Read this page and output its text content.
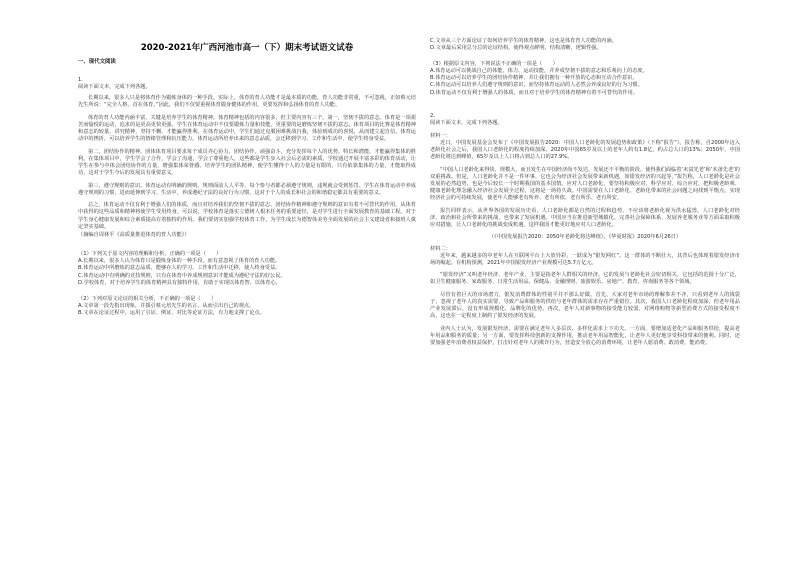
2020-2021年广西河池市高一（下）期末考试语文试卷
一、现代文阅读

1.

阅读下面文本，完成下列各题。

长期以来，很多人只是将体育作为锻炼身体的一种手段。实际上，体育的育人功能才是最本质的功能，育人功能非常重，不可忽视，正如蔡元培先生所说：“完全人格，首在体育。”因此，我们不仅要重视体育锻身健体的作用，更要发挥和弘扬体育的育人功能。

体育的育人功能内涵丰富，关键是培养学生的体育精神。体育精神包括的内容很多，但主要内容有三个。第一，坚韧不拔的意志。体育是一项艰苦而愉悦的运动，追求的是更高更快更强。学生在体育运动中不仅要锻炼力量和技能，更重要的是磨炼坚韧不拔的意志。体育项目的比赛是体育精神和意志的较量，讲究精神，坚持不懈，才能赢得胜利。在体育运动中，学生们通过克服困难挑战自我，体验到成功的喜悦，从而建立起自信。体育运动中的挫折，可以培养学生的情绪管理和抗压能力。体育运动所培养出来的意志品质，会迁移到学习、工作和生活中，使学生终身受益。

第二，团结协作的精神。团体体育项目要求每个成员齐心协力，团结协作，顽强奋斗，充分发挥每个人的优势。特长和潜能，才能赢得集体的胜利。在集体项目中，学生学会了合作，学会了沟通，学会了尊重他人，这些都是学生步入社会后必需的素质。学校通过开展丰富多彩的体育活动，让学生在参与中体会团结协作的力量，增强集体荣誉感。培养学生的团队精神，使学生懂得个人的力量是有限的，只有依靠集体的力量，才能取得成功，这对于学生今后的发展具有重要意义。

第三，遵守规则的意识。体育运动有明确的规则。规则面前人人平等，每个参与者都必须遵守规则，违规就会受到惩罚。学生在体育运动中养成遵守规则的习惯，进而延伸到学习、生活中，养成遵纪守法的良好行为习惯，这对于个人的成长和社会的和谐稳定都具有重要的意义。

总之，体育运动不仅有利于增强人们的体质，而且对培养我们的坚韧不拔的意志、团结协作精神和遵守规则的意识有着不可替代的作用。从体育中获得的这些品质和精神将使学生受用终身。可以说，学校体育是落实立德树人根本任务的重要途径，是对学生进行全面发展教育的基础工程。对于学生身心健康发展和综合素质提高有着独特的作用。我们要切实加强学校体育工作，为学生成长为德智体美劳全面发展的社会主义建设者和接班人奠定坚实基础。

（摘编自周林平《高质量推进体育的育人功能》）

（1）下列关于原文内容的理解和分析，正确的一项是（　　）

A.长期以来，很多人认为体育只是锻炼身体的一种手段，而有意忽视了体育的育人功能。

B.体育运动中所磨炼的意志品质，能够在人的学习、工作和生活中迁移，使人终身受益。

C.体育运动中有明确的竞技规则，只有在体育中养成规则意识才能成为遵纪守法的好公民。

D.学校体育，对于培养学生的体育精神具有独特作用，有助于实现以体育智、以体育心。

（2）下列对原文论证的相关分析，不正确的一项是（　　）

A.文章第一段先指出现象，并援引蔡元培先生的名言，从而引出自己的观点。

B.文章在论证过程中，运用了引证、例证、对比等论证方法，有力地支撑了论点。

C.文章从三个方面论证了如何培养学生的体育精神，这也是体育育人功能的内涵。

D.文章最后采用总分总的论证结构，使得观点鲜明，结构清晰，逻辑性强。

（3）根据原文内容，下列说法不正确的一项是（　　）

A.体育运动可以挑战自己的体能、体力、运动技能，并养成坚韧不拔的意志和乐观向上的态度。

B.体育运动可以培养学生的团结协作精神，并让我们拥有一种开放的心态和互动合作意识。

C.体育运动可以培养人们遵守规则的意识，而坚持体育运动的人必然会养成良好的行为习惯。

D.体育运动不仅有利于增强人的体质，而且对于培养学生的体育精神有着不可替代的作用。

2.

阅读下面文本，完成下列各题。

材料一：

近日，中国发展基金会发布了《中国发展报告2020：中国人口老龄化的发展趋势和政策》（下称“报告”）。报告称，自2000年迈入老龄化社会之后，我国人口老龄化的程度持续加深。2020年中国65岁及以上的老年人约有1.8亿，约占总人口的13%；2050年，中国老龄化将达到峰值，65岁及以上人口将占到总人口的27.9%。

“中国人口老龄化来得快、规模大，而且发生在中国经济尚不发达、发展还不平衡的阶段，使得我们面临着‘未富先老’和‘未备先老’的双重挑战。但是，人口老龄化并不是一件坏事，它也会为经济社会发展带来新机遇，如银发经济的兴起等。”报告称，人口老龄化是社会发展的必然趋势，也是今后较长一个时期我国的基本国情。应对人口老龄化，要坚持积极应对、科学应对、综合应对，把积极老龄观、健康老龄化理念融入经济社会发展全过程，这将是一场持久战。中国需要在人口老龄化、老龄化带来的社会问题之间找到平衡点，实现经济社会的可持续发展，使老年人能够老有所养、老有所依、老有所乐、老有所安。

报告同样表示，从世界各国的发展历史看，人口老龄化都是自然的过程和趋势，不应该将老龄化视为洪水猛兽。人口老龄化对经济、政治和社会所带来的挑战，也带来了发展机遇。中国应当在推进新型城镇化、完善社会保障体系、发展养老服务业等方面采取积极应对措施，让人口老龄化的挑战变成机遇，这样我国才能更好地应对人口老龄化。

（《中国发展报告2020：2050年老龄化将达峰值》，《华夏时报》2020年6月26日）

材料二：

近年来，越来越多的中老年人在互联网平台上大放异彩，一跃成为“银发网红”。这一群体的不断壮大，其背后也体现着银发经济市场的崛起。有机构预测，2021年中国银发经济产业规模可达5.7万亿元。

“银发经济”又叫老年经济、老年产业，主要是指老年人群相关的经济。它的发展与老龄化社会密切相关，它包括的范围十分广泛，如卫生健康服务、家政服务、日常生活用品、保健品、金融理财、旅游娱乐、房地产、教育、咨询服务等各个领域。

尽管有着巨大的市场潜力，银发消费群体的性别平并不那么好做。首先，大家对老年市场的理解参差不齐，只看到老年人的钱袋子，忽视了老年人的真实需要，导致产品和服务的供给与老年群体的需求存在严重错位。其次，我国人口老龄化程度加深，但老年用品产业发展滞后，没有形成规模化、品牌化的优势。再次，老年人对新事物的接受能力较弱，对网络购物等新型消费方式的接受程度不高，这也在一定程度上制约了银发经济的发展。

业内人士认为，发展银发经济，需要在满足老年人多层次、多样化需求上下功夫。一方面，要增加适老化产品和服务供给，提高老年用品和服务的质量；另一方面，要发挥科技创新的支撑作用，推动老年用品智能化，让老年人更好地享受科技带来的便利。同时，还要加强老年消费者权益保护，打击针对老年人的欺诈行为，营造安全放心的消费环境，让老年人愿消费、敢消费、能消费。
